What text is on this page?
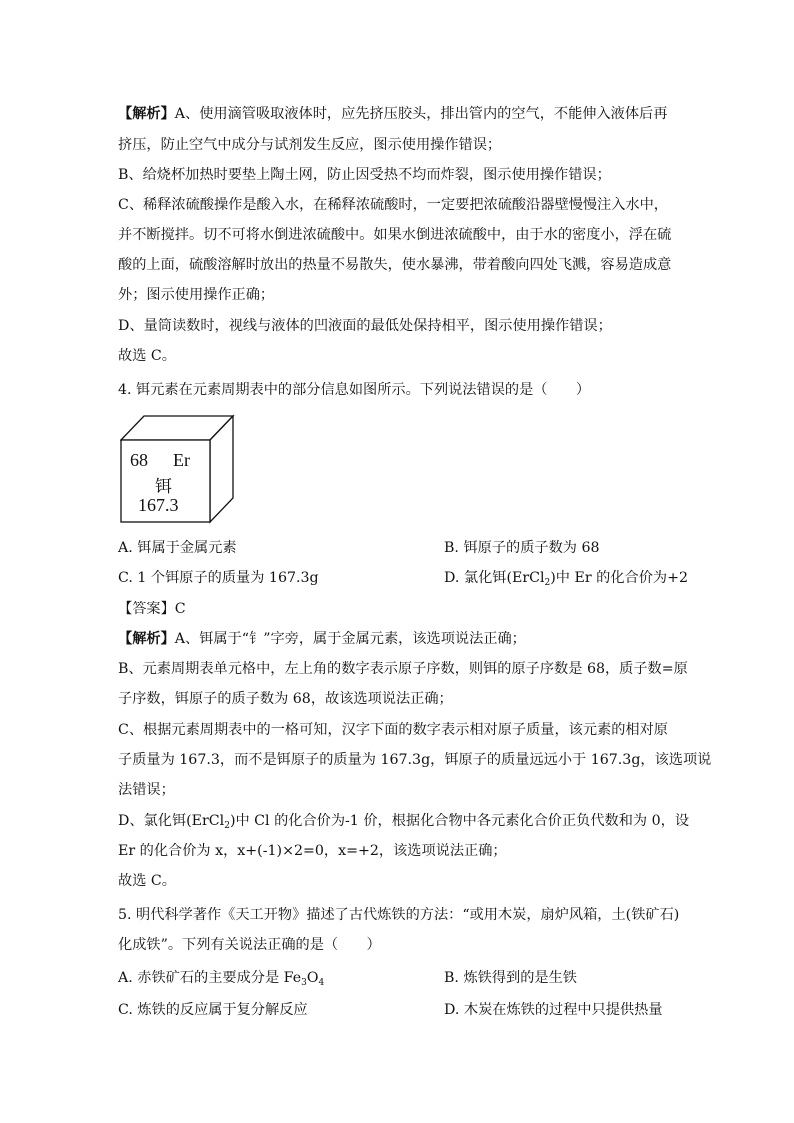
【解析】A、使用滴管吸取液体时，应先挤压胶头，排出管内的空气，不能伸入液体后再
挤压，防止空气中成分与试剂发生反应，图示使用操作错误；
B、给烧杯加热时要垫上陶土网，防止因受热不均而炸裂，图示使用操作错误；
C、稀释浓硫酸操作是酸入水，在稀释浓硫酸时，一定要把浓硫酸沿器壁慢慢注入水中，
并不断搅拌。切不可将水倒进浓硫酸中。如果水倒进浓硫酸中，由于水的密度小，浮在硫
酸的上面，硫酸溶解时放出的热量不易散失，使水暴沸，带着酸向四处飞溅，容易造成意
外；图示使用操作正确；
D、量筒读数时，视线与液体的凹液面的最低处保持相平，图示使用操作错误；
故选 C。
4. 铒元素在元素周期表中的部分信息如图所示。下列说法错误的是（　　）
68 Er
铒
167.3
A. 铒属于金属元素	B. 铒原子的质子数为 68
C. 1 个铒原子的质量为 167.3g	D. 氯化铒(ErCl$_2$)中 Er 的化合价为+2
【答案】C
【解析】A、铒属于“钅”字旁，属于金属元素，该选项说法正确；
B、元素周期表单元格中，左上角的数字表示原子序数，则铒的原子序数是 68，质子数=原
子序数，铒原子的质子数为 68，故该选项说法正确；
C、根据元素周期表中的一格可知，汉字下面的数字表示相对原子质量，该元素的相对原
子质量为 167.3，而不是铒原子的质量为 167.3g，铒原子的质量远远小于 167.3g，该选项说
法错误；
D、氯化铒(ErCl$_2$)中 Cl 的化合价为-1 价，根据化合物中各元素化合价正负代数和为 0，设
Er 的化合价为 x，x+(-1)×2=0，x=+2，该选项说法正确；
故选 C。
5. 明代科学著作《天工开物》描述了古代炼铁的方法：“或用木炭，扇炉风箱，土(铁矿石)
化成铁”。下列有关说法正确的是（　　）
A. 赤铁矿石的主要成分是 $Fe_3O_4$	B. 炼铁得到的是生铁
C. 炼铁的反应属于复分解反应	D. 木炭在炼铁的过程中只提供热量
